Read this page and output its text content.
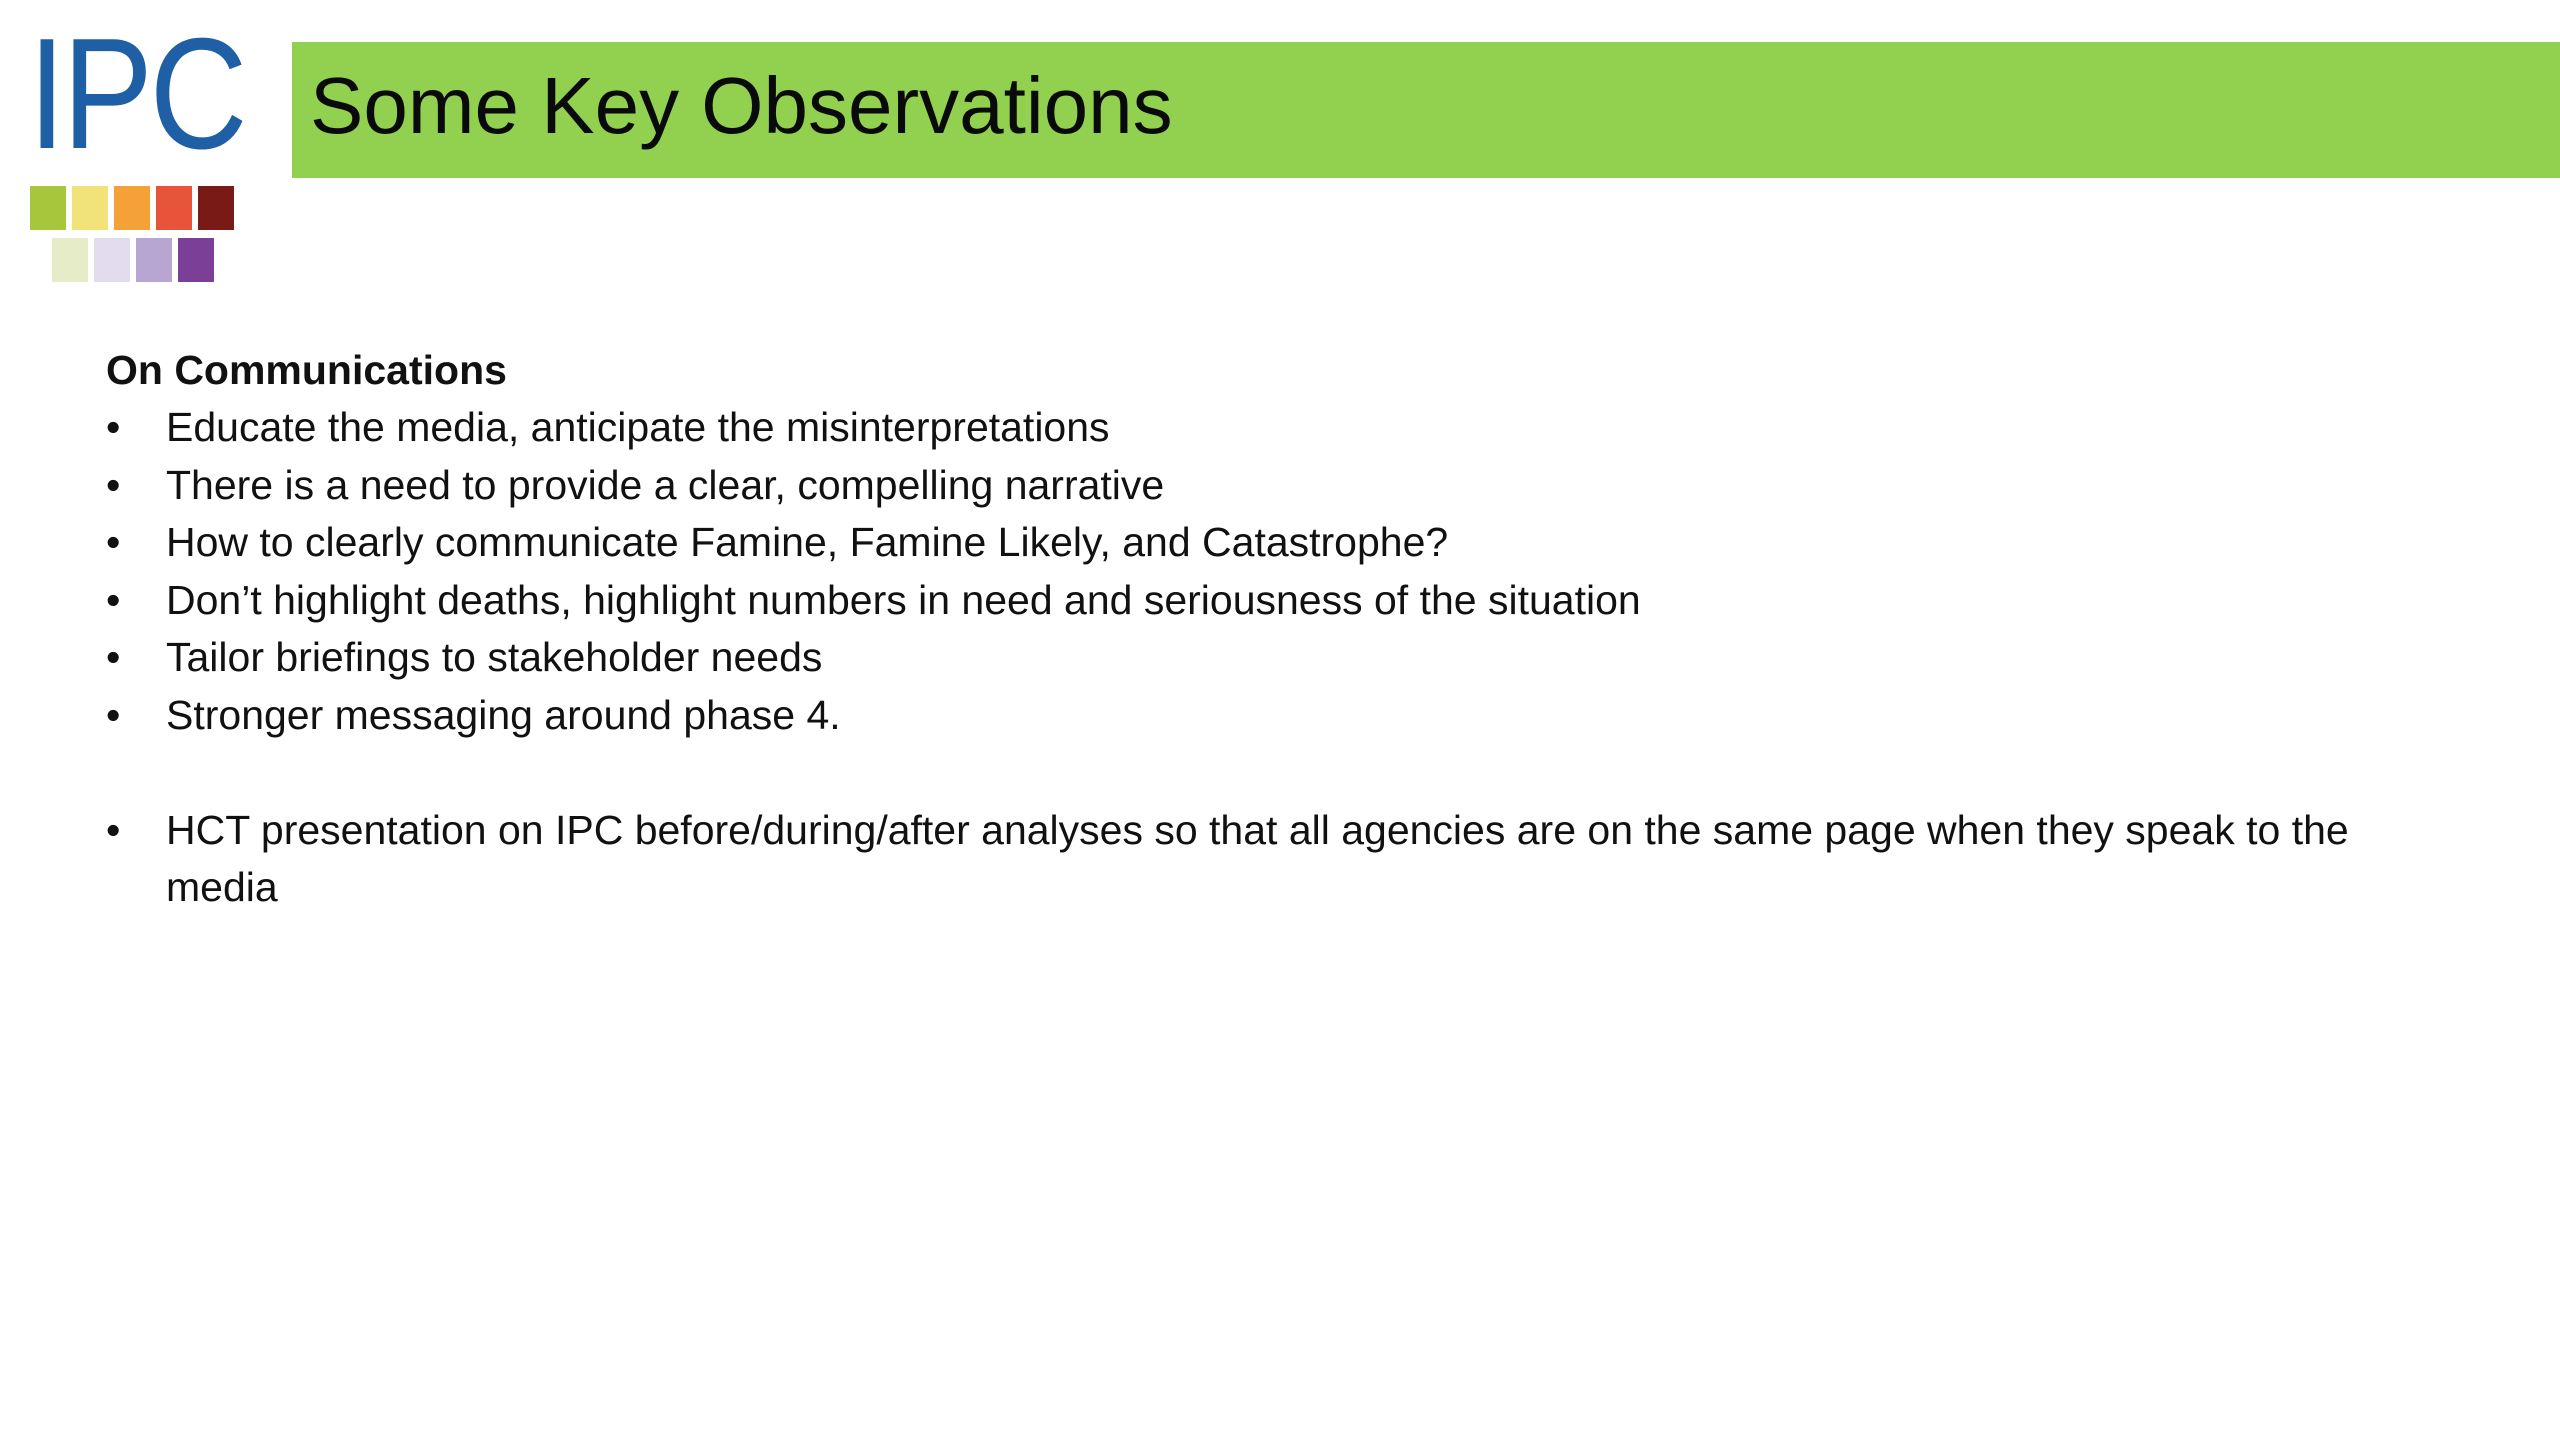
IPC Some Key Observations

On Communications

•	Educate the media, anticipate the misinterpretations
•	There is a need to provide a clear, compelling narrative
•	How to clearly communicate Famine, Famine Likely, and Catastrophe?
•	Don’t highlight deaths, highlight numbers in need and seriousness of the situation
•	Tailor briefings to stakeholder needs
•	Stronger messaging around phase 4.
•	HCT presentation on IPC before/during/after analyses so that all agencies are on the same page when they speak to the media
